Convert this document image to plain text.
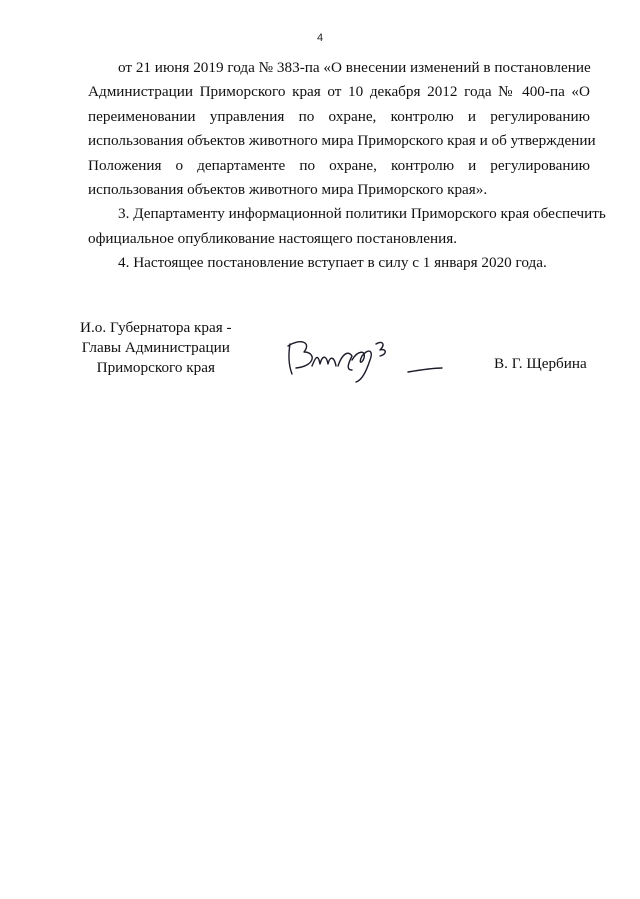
4

от 21 июня 2019 года № 383-па «О внесении изменений в постановление
Администрации Приморского края от 10 декабря 2012 года № 400-па «О
переименовании управления по охране, контролю и регулированию
использования объектов животного мира Приморского края и об утверждении
Положения о департаменте по охране, контролю и регулированию
использования объектов животного мира Приморского края».

3. Департаменту информационной политики Приморского края обеспечить
официальное опубликование настоящего постановления.

4. Настоящее постановление вступает в силу с 1 января 2020 года.

И.о. Губернатора края -
Главы Администрации
Приморского края	В. Г. Щербина
